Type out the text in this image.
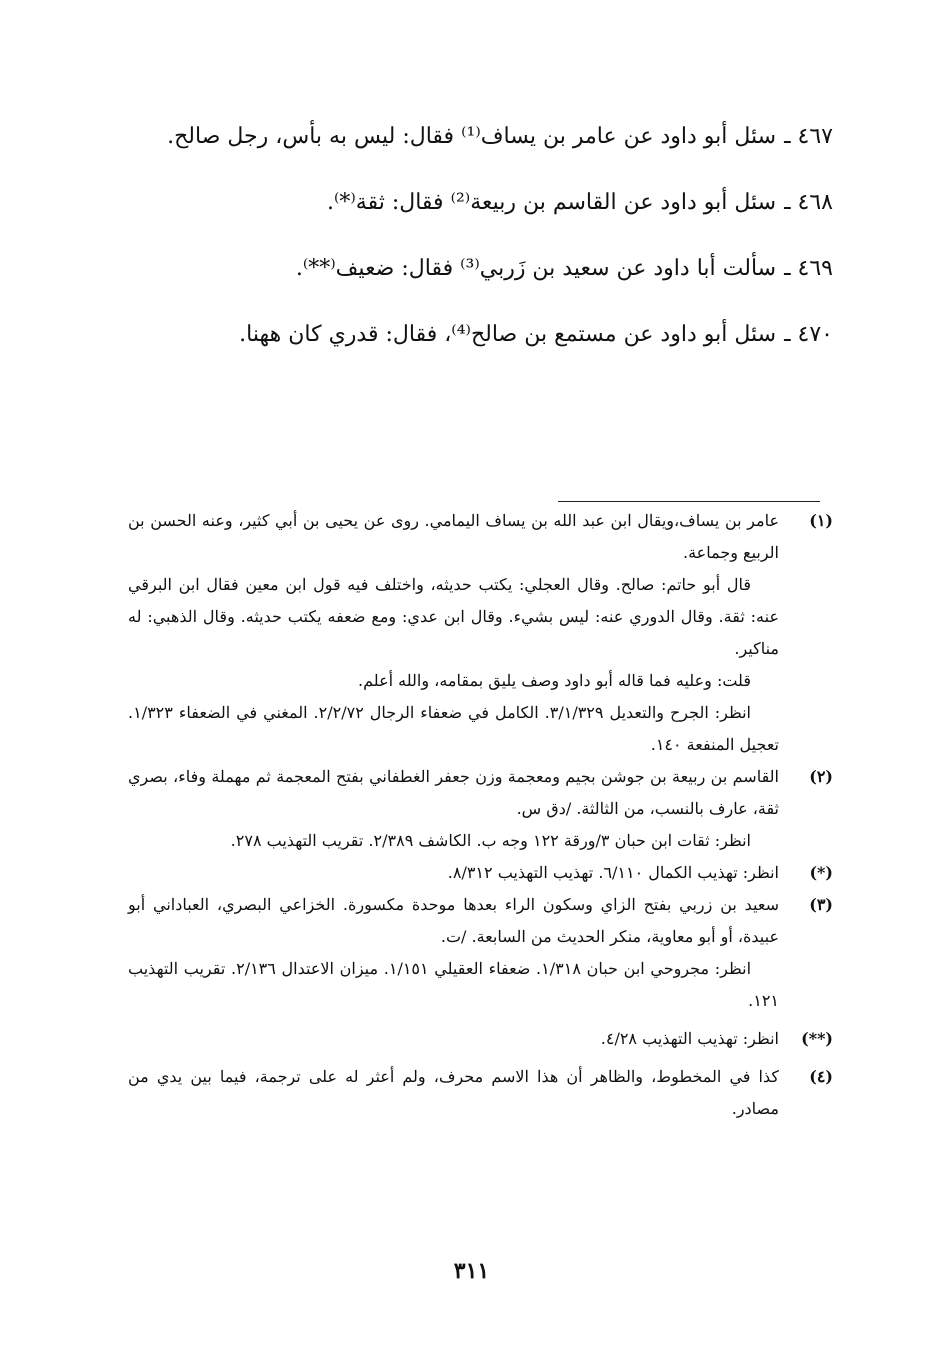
٤٦٧ ـ
سئل أبو داود عن عامر بن يساف⁽¹⁾ فقال: ليس به بأس، رجل صالح.
٤٦٨ ـ
سئل أبو داود عن القاسم بن ربيعة⁽²⁾ فقال: ثقة⁽*⁾.
٤٦٩ ـ
سألت أبا داود عن سعيد بن زَربي⁽³⁾ فقال: ضعيف⁽**⁾.
٤٧٠ ـ
سئل أبو داود عن مستمع بن صالح⁽⁴⁾، فقال: قدري كان ههنا.
(١)

عامر بن يساف،ويقال ابن عبد الله بن يساف اليمامي. روى عن يحيى بن أبي كثير، وعنه الحسن بن الربيع وجماعة.

قال أبو حاتم: صالح. وقال العجلي: يكتب حديثه، واختلف فيه قول ابن معين فقال ابن البرقي عنه: ثقة. وقال الدوري عنه: ليس بشيء. وقال ابن عدي: ومع ضعفه يكتب حديثه. وقال الذهبي: له مناكير.

قلت: وعليه فما قاله أبو داود وصف يليق بمقامه، والله أعلم.

انظر: الجرح والتعديل ٣/١/٣٢٩. الكامل في ضعفاء الرجال ٢/٢/٧٢. المغني في الضعفاء ١/٣٢٣. تعجيل المنفعة ١٤٠.

(٢)

القاسم بن ربيعة بن جوشن بجيم ومعجمة وزن جعفر الغطفاني بفتح المعجمة ثم مهملة وفاء، بصري ثقة، عارف بالنسب، من الثالثة. /دق س.

انظر: ثقات ابن حبان ٣/ورقة ١٢٢ وجه ب. الكاشف ٢/٣٨٩. تقريب التهذيب ٢٧٨.

(*)

انظر: تهذيب الكمال ٦/١١٠. تهذيب التهذيب ٨/٣١٢.

(٣)

سعيد بن زربي بفتح الزاي وسكون الراء بعدها موحدة مكسورة. الخزاعي البصري، العباداني أبو عبيدة، أو أبو معاوية، منكر الحديث من السابعة. /ت.

انظر: مجروحي ابن حبان ١/٣١٨. ضعفاء العقيلي ١/١٥١. ميزان الاعتدال ٢/١٣٦. تقريب التهذيب ١٢١.

(**)

انظر: تهذيب التهذيب ٤/٢٨.

(٤)

كذا في المخطوط، والظاهر أن هذا الاسم محرف، ولم أعثر له على ترجمة، فيما بين يدي من مصادر.

٣١١
